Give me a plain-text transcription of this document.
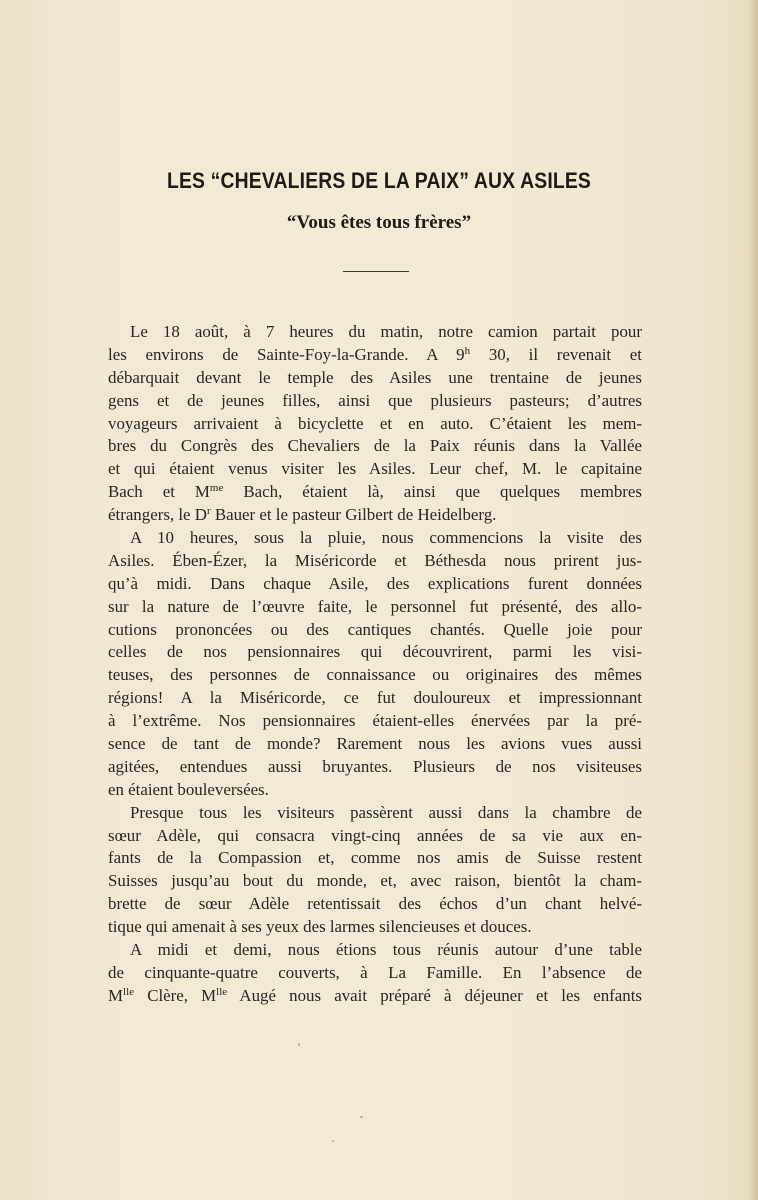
LES “CHEVALIERS DE LA PAIX” AUX ASILES
“Vous êtes tous frères”
Le 18 août, à 7 heures du matin, notre camion partait pour
les environs de Sainte-Foy-la-Grande. A 9$^h$ 30, il revenait et
débarquait devant le temple des Asiles une trentaine de jeunes
gens et de jeunes filles, ainsi que plusieurs pasteurs; d’autres
voyageurs arrivaient à bicyclette et en auto. C’étaient les mem-
bres du Congrès des Chevaliers de la Paix réunis dans la Vallée
et qui étaient venus visiter les Asiles. Leur chef, M. le capitaine
Bach et $M^{me}$ Bach, étaient là, ainsi que quelques membres
étrangers, le $D^r$ Bauer et le pasteur Gilbert de Heidelberg.
A 10 heures, sous la pluie, nous commencions la visite des
Asiles. Ében-Ézer, la Miséricorde et Béthesda nous prirent jus-
qu’à midi. Dans chaque Asile, des explications furent données
sur la nature de l’œuvre faite, le personnel fut présenté, des allo-
cutions prononcées ou des cantiques chantés. Quelle joie pour
celles de nos pensionnaires qui découvrirent, parmi les visi-
teuses, des personnes de connaissance ou originaires des mêmes
régions! A la Miséricorde, ce fut douloureux et impressionnant
à l’extrême. Nos pensionnaires étaient-elles énervées par la pré-
sence de tant de monde? Rarement nous les avions vues aussi
agitées, entendues aussi bruyantes. Plusieurs de nos visiteuses
en étaient bouleversées.
Presque tous les visiteurs passèrent aussi dans la chambre de
sœur Adèle, qui consacra vingt-cinq années de sa vie aux en-
fants de la Compassion et, comme nos amis de Suisse restent
Suisses jusqu’au bout du monde, et, avec raison, bientôt la cham-
brette de sœur Adèle retentissait des échos d’un chant helvé-
tique qui amenait à ses yeux des larmes silencieuses et douces.
A midi et demi, nous étions tous réunis autour d’une table
de cinquante-quatre couverts, à La Famille. En l’absence de
$M^{lle}$ Clère, $M^{lle}$ Augé nous avait préparé à déjeuner et les enfants
